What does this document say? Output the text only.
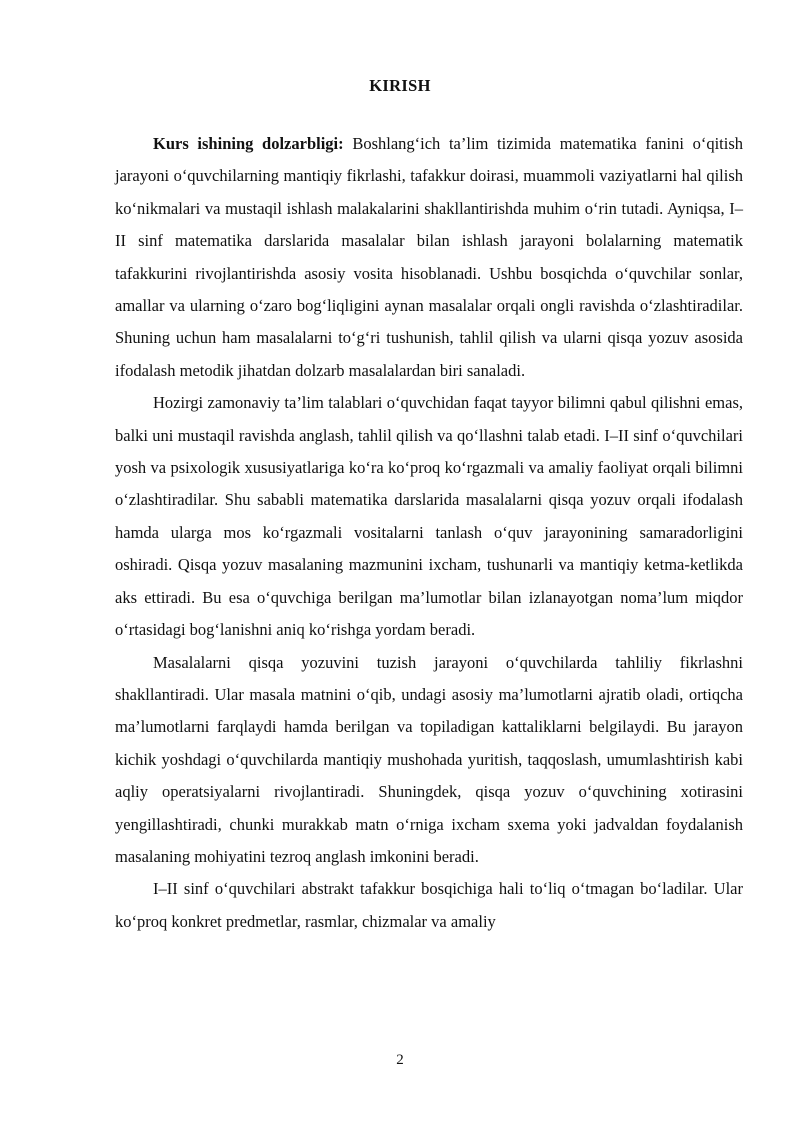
KIRISH

Kurs ishining dolzarbligi: Boshlang‘ich ta’lim tizimida matematika fanini o‘qitish jarayoni o‘quvchilarning mantiqiy fikrlashi, tafakkur doirasi, muammoli vaziyatlarni hal qilish ko‘nikmalari va mustaqil ishlash malakalarini shakllantirishda muhim o‘rin tutadi. Ayniqsa, I–II sinf matematika darslarida masalalar bilan ishlash jarayoni bolalarning matematik tafakkurini rivojlantirishda asosiy vosita hisoblanadi. Ushbu bosqichda o‘quvchilar sonlar, amallar va ularning o‘zaro bog‘liqligini aynan masalalar orqali ongli ravishda o‘zlashtiradilar. Shuning uchun ham masalalarni to‘g‘ri tushunish, tahlil qilish va ularni qisqa yozuv asosida ifodalash metodik jihatdan dolzarb masalalardan biri sanaladi.

Hozirgi zamonaviy ta’lim talablari o‘quvchidan faqat tayyor bilimni qabul qilishni emas, balki uni mustaqil ravishda anglash, tahlil qilish va qo‘llashni talab etadi. I–II sinf o‘quvchilari yosh va psixologik xususiyatlariga ko‘ra ko‘proq ko‘rgazmali va amaliy faoliyat orqali bilimni o‘zlashtiradilar. Shu sababli matematika darslarida masalalarni qisqa yozuv orqali ifodalash hamda ularga mos ko‘rgazmali vositalarni tanlash o‘quv jarayonining samaradorligini oshiradi. Qisqa yozuv masalaning mazmunini ixcham, tushunarli va mantiqiy ketma-ketlikda aks ettiradi. Bu esa o‘quvchiga berilgan ma’lumotlar bilan izlanayotgan noma’lum miqdor o‘rtasidagi bog‘lanishni aniq ko‘rishga yordam beradi.

Masalalarni qisqa yozuvini tuzish jarayoni o‘quvchilarda tahliliy fikrlashni shakllantiradi. Ular masala matnini o‘qib, undagi asosiy ma’lumotlarni ajratib oladi, ortiqcha ma’lumotlarni farqlaydi hamda berilgan va topiladigan kattaliklarni belgilaydi. Bu jarayon kichik yoshdagi o‘quvchilarda mantiqiy mushohada yuritish, taqqoslash, umumlashtirish kabi aqliy operatsiyalarni rivojlantiradi. Shuningdek, qisqa yozuv o‘quvchining xotirasini yengillashtiradi, chunki murakkab matn o‘rniga ixcham sxema yoki jadvaldan foydalanish masalaning mohiyatini tezroq anglash imkonini beradi.

I–II sinf o‘quvchilari abstrakt tafakkur bosqichiga hali to‘liq o‘tmagan bo‘ladilar. Ular ko‘proq konkret predmetlar, rasmlar, chizmalar va amaliy

2
